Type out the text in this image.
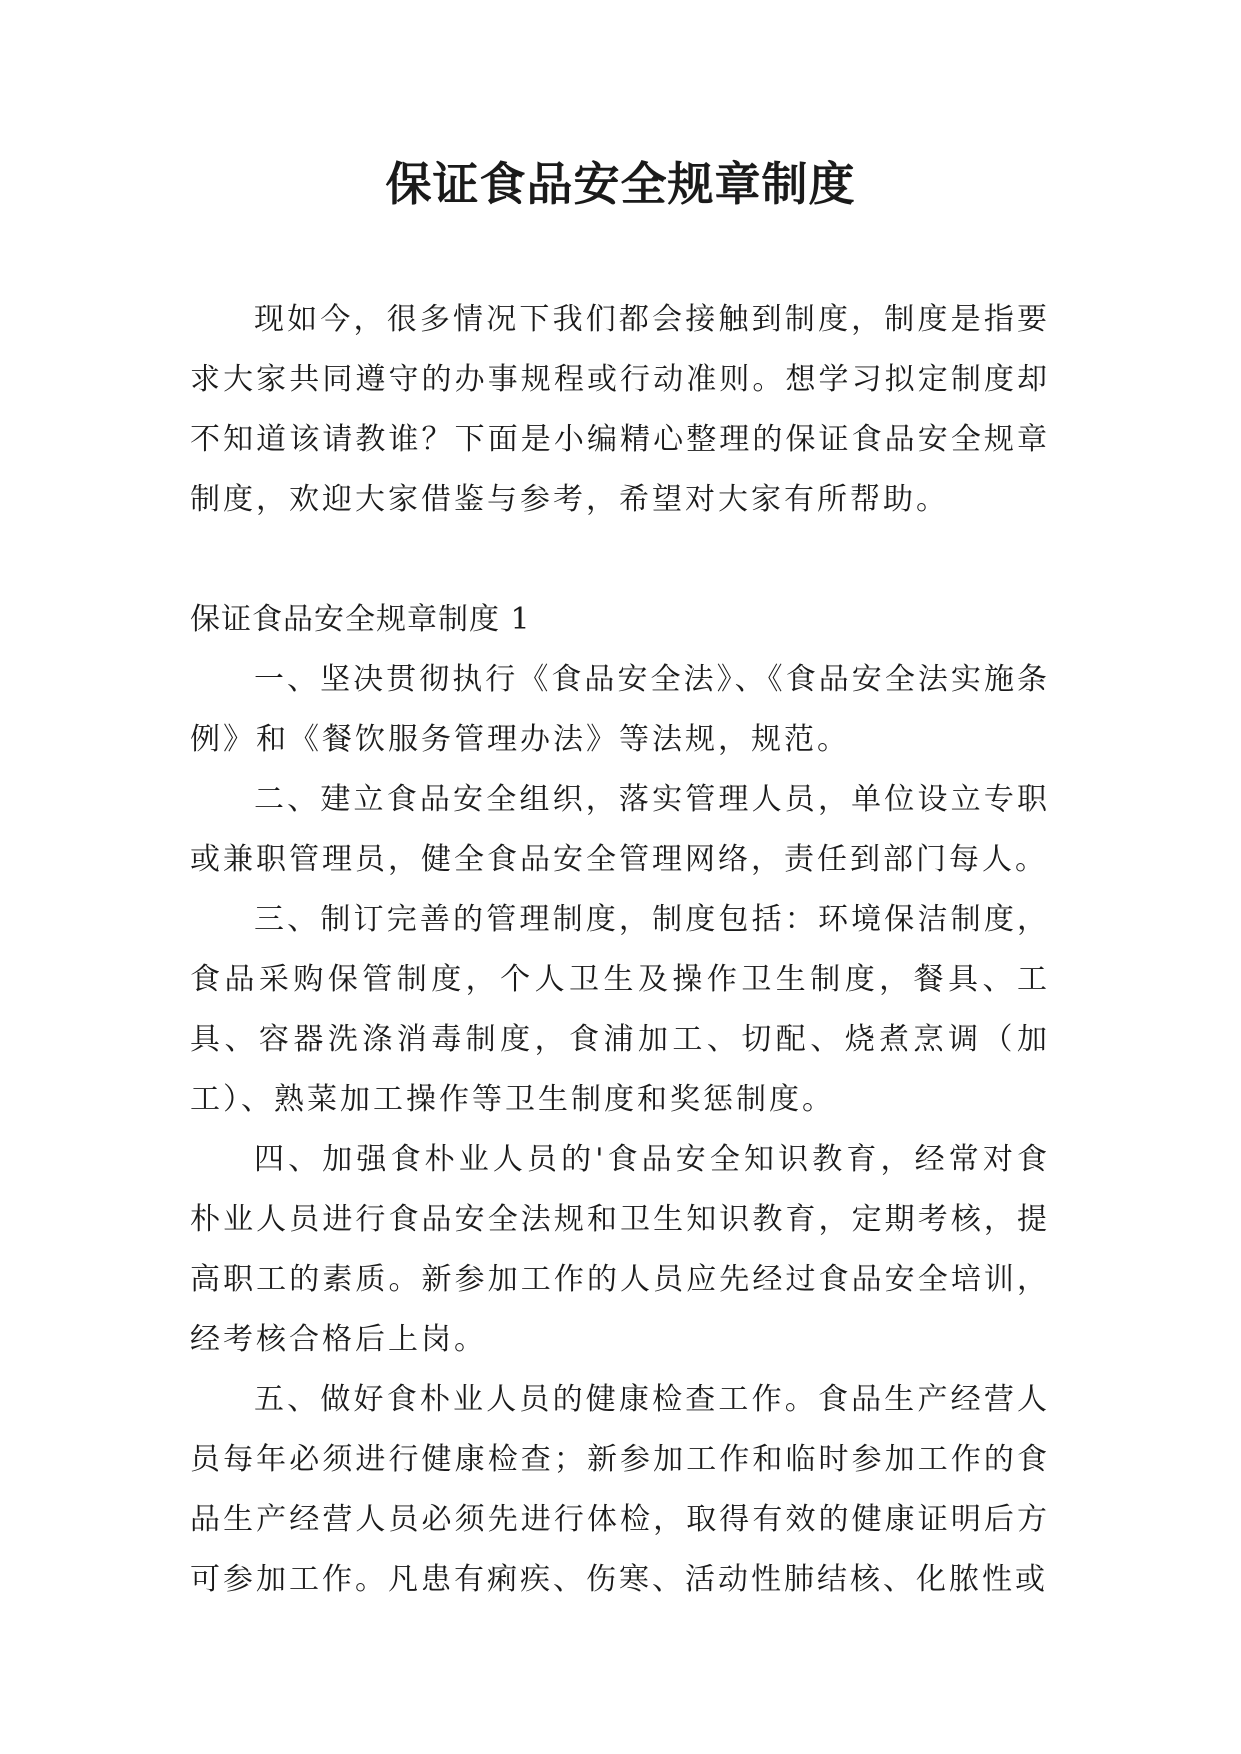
保证食品安全规章制度

现如今，很多情况下我们都会接触到制度，制度是指要求大家共同遵守的办事规程或行动准则。想学习拟定制度却不知道该请教谁？下面是小编精心整理的保证食品安全规章制度，欢迎大家借鉴与参考，希望对大家有所帮助。

保证食品安全规章制度 1

一、坚决贯彻执行《食品安全法》、《食品安全法实施条例》和《餐饮服务管理办法》等法规，规范。

二、建立食品安全组织，落实管理人员，单位设立专职或兼职管理员，健全食品安全管理网络，责任到部门每人。

三、制订完善的管理制度，制度包括：环境保洁制度，食品采购保管制度，个人卫生及操作卫生制度，餐具、工具、容器洗涤消毒制度，食浦加工、切配、烧煮烹调（加工）、熟菜加工操作等卫生制度和奖惩制度。

四、加强食朴业人员的'食品安全知识教育，经常对食朴业人员进行食品安全法规和卫生知识教育，定期考核，提高职工的素质。新参加工作的人员应先经过食品安全培训，经考核合格后上岗。

五、做好食朴业人员的健康检查工作。食品生产经营人员每年必须进行健康检查；新参加工作和临时参加工作的食品生产经营人员必须先进行体检，取得有效的健康证明后方可参加工作。凡患有痢疾、伤寒、活动性肺结核、化脓性或
